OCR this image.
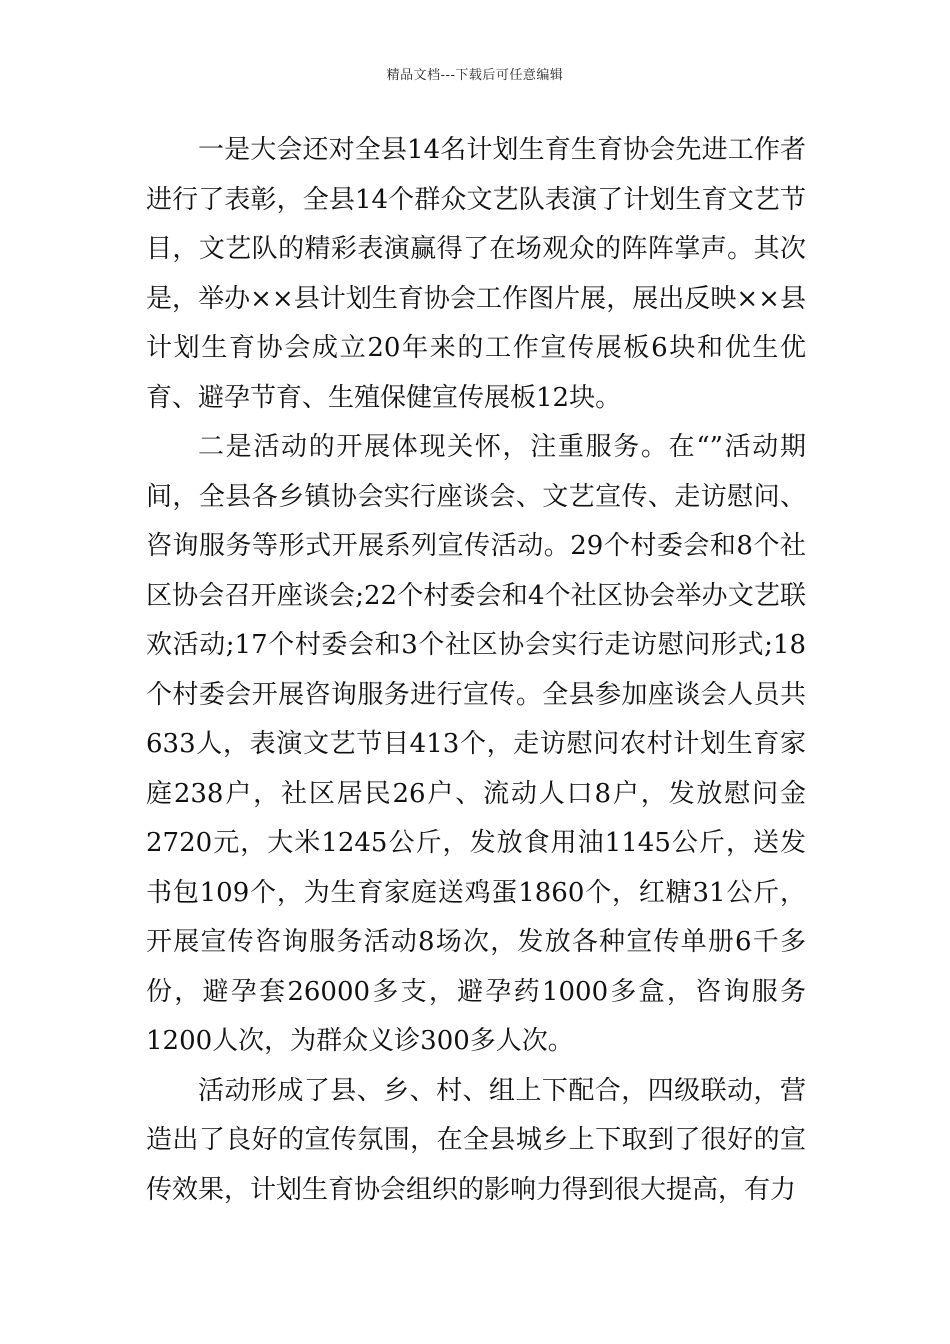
精品文档---下载后可任意编辑

一是大会还对全县14名计划生育生育协会先进工作者进行了表彰，全县14个群众文艺队表演了计划生育文艺节目，文艺队的精彩表演赢得了在场观众的阵阵掌声。其次是，举办××县计划生育协会工作图片展，展出反映××县计划生育协会成立20年来的工作宣传展板6块和优生优育、避孕节育、生殖保健宣传展板12块。

二是活动的开展体现关怀，注重服务。在“”活动期间，全县各乡镇协会实行座谈会、文艺宣传、走访慰问、咨询服务等形式开展系列宣传活动。29个村委会和8个社区协会召开座谈会;22个村委会和4个社区协会举办文艺联欢活动;17个村委会和3个社区协会实行走访慰问形式;18个村委会开展咨询服务进行宣传。全县参加座谈会人员共633人，表演文艺节目413个，走访慰问农村计划生育家庭238户，社区居民26户、流动人口8户，发放慰问金2720元，大米1245公斤，发放食用油1145公斤，送发书包109个，为生育家庭送鸡蛋1860个，红糖31公斤，开展宣传咨询服务活动8场次，发放各种宣传单册6千多份，避孕套26000多支，避孕药1000多盒，咨询服务1200人次，为群众义诊300多人次。

活动形成了县、乡、村、组上下配合，四级联动，营造出了良好的宣传氛围，在全县城乡上下取到了很好的宣传效果，计划生育协会组织的影响力得到很大提高，有力
